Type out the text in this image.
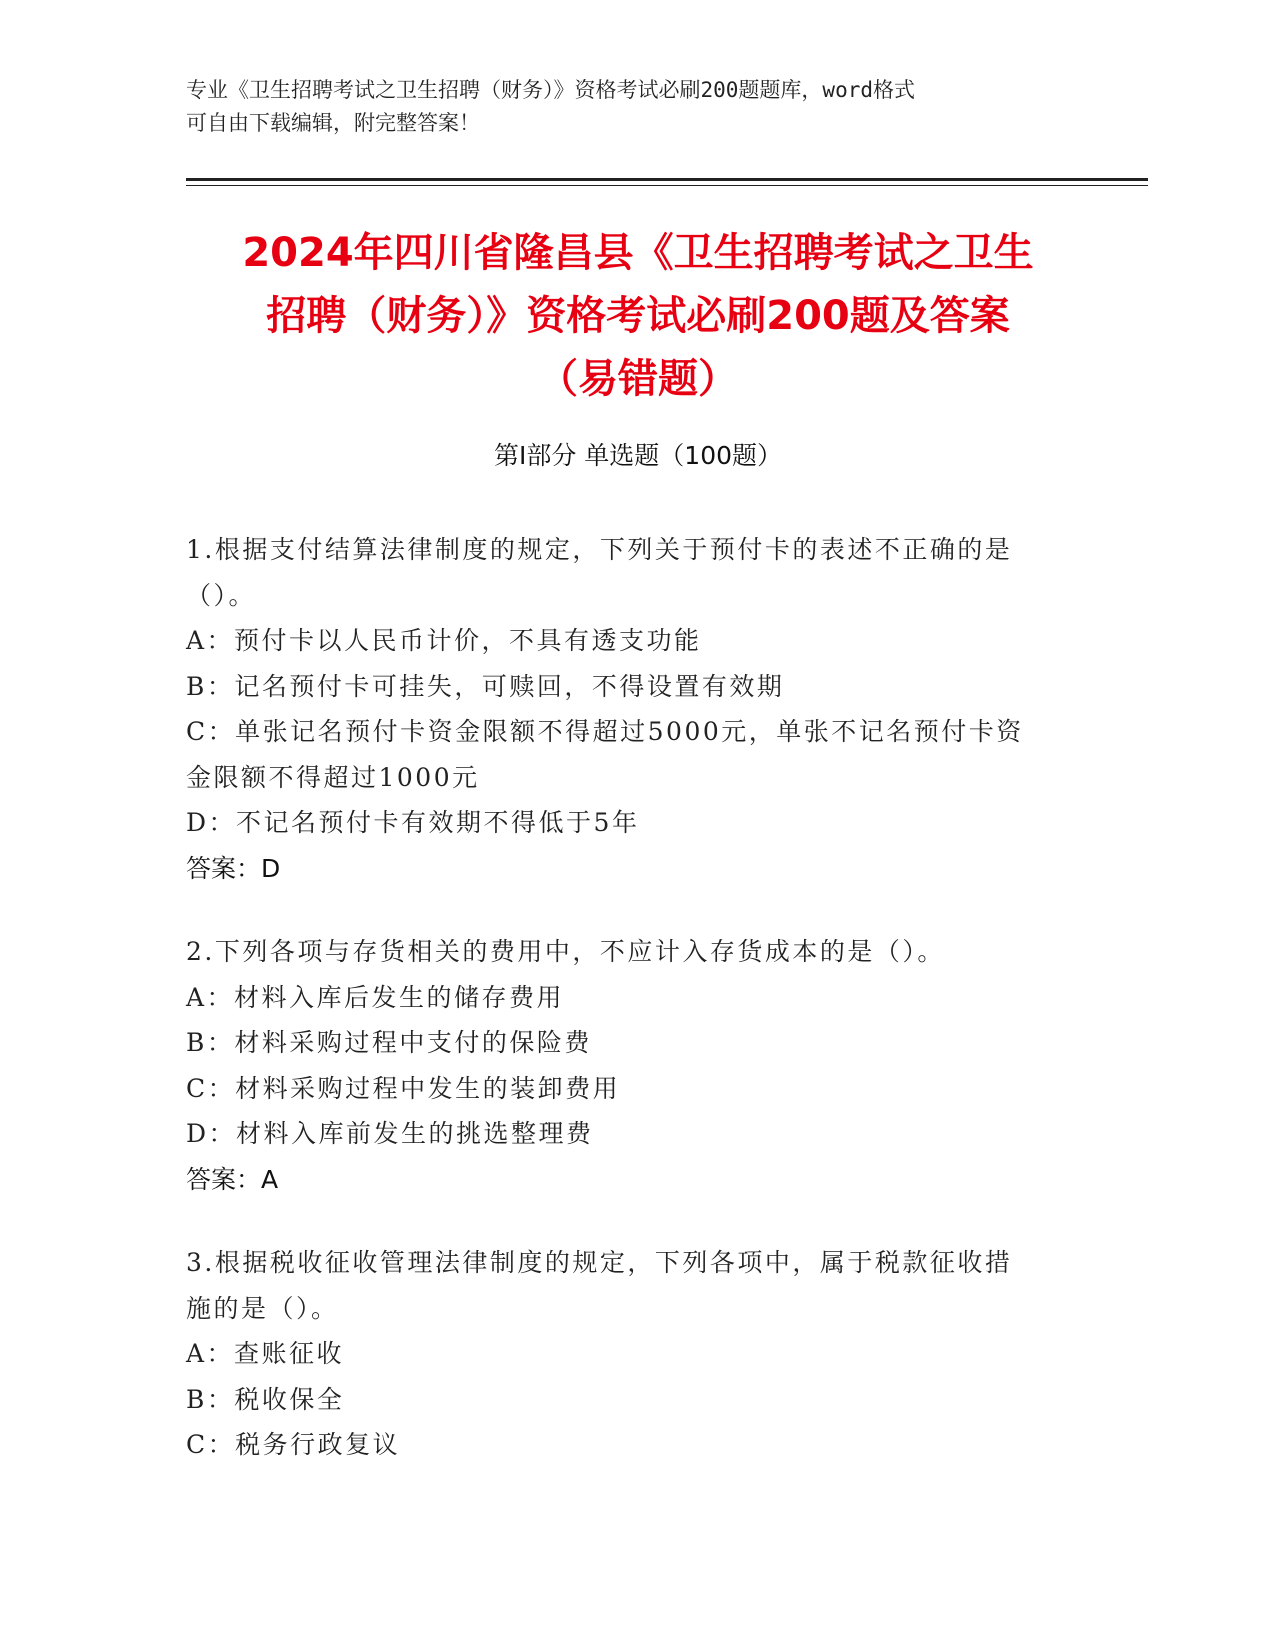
专业《卫生招聘考试之卫生招聘（财务）》资格考试必刷200题题库，word格式
可自由下载编辑，附完整答案！
2024年四川省隆昌县《卫生招聘考试之卫生
招聘（财务）》资格考试必刷200题及答案
（易错题）
第Ⅰ部分 单选题（100题）
1.根据支付结算法律制度的规定，下列关于预付卡的表述不正确的是
（）。
A：预付卡以人民币计价，不具有透支功能
B：记名预付卡可挂失，可赎回，不得设置有效期
C：单张记名预付卡资金限额不得超过5000元，单张不记名预付卡资
金限额不得超过1000元
D：不记名预付卡有效期不得低于5年
答案：D
2.下列各项与存货相关的费用中，不应计入存货成本的是（）。
A：材料入库后发生的储存费用
B：材料采购过程中支付的保险费
C：材料采购过程中发生的装卸费用
D：材料入库前发生的挑选整理费
答案：A
3.根据税收征收管理法律制度的规定，下列各项中，属于税款征收措
施的是（）。
A：查账征收
B：税收保全
C：税务行政复议
